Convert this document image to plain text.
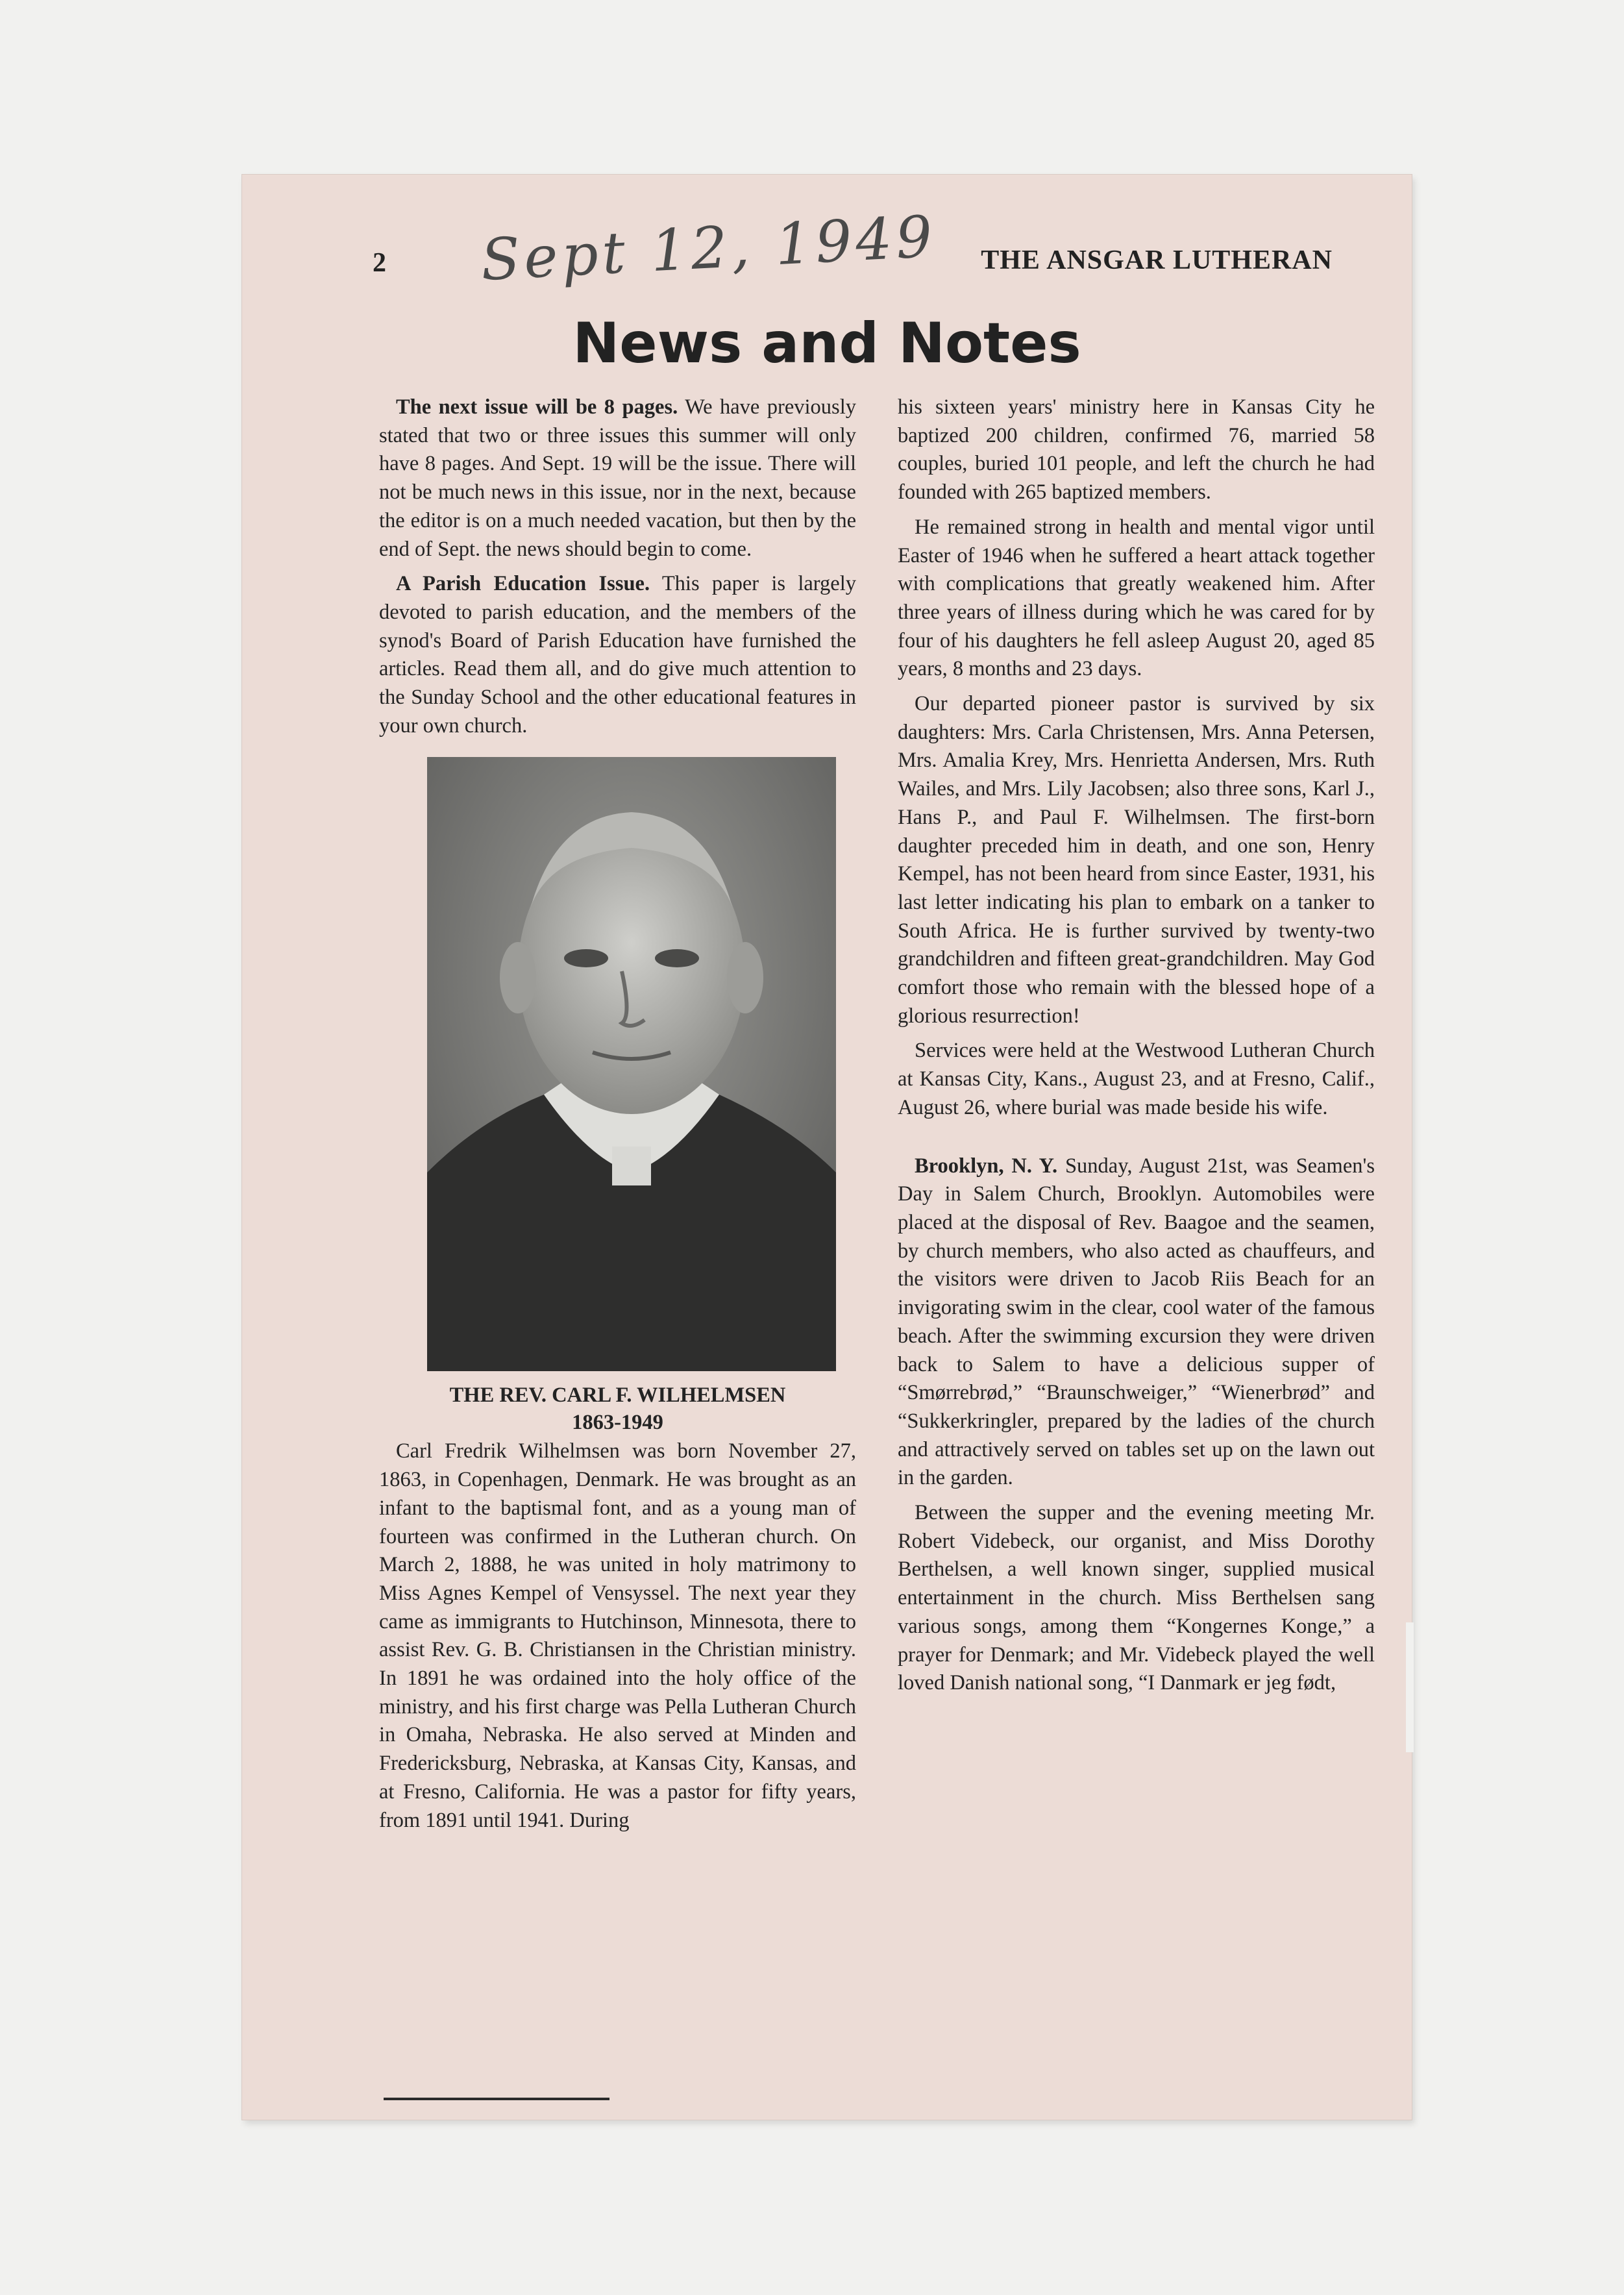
2 Sept 12, 1949 THE ANSGAR LUTHERAN
News and Notes

The next issue will be 8 pages. We have previously stated that two or three issues this summer will only have 8 pages. And Sept. 19 will be the issue. There will not be much news in this issue, nor in the next, because the editor is on a much needed vacation, but then by the end of Sept. the news should begin to come.

A Parish Education Issue. This paper is largely devoted to parish education, and the members of the synod's Board of Parish Education have furnished the articles. Read them all, and do give much attention to the Sunday School and the other educational features in your own church.

THE REV. CARL F. WILHELMSEN
1863-1949

Carl Fredrik Wilhelmsen was born November 27, 1863, in Copenhagen, Denmark. He was brought as an infant to the baptismal font, and as a young man of fourteen was confirmed in the Lutheran church. On March 2, 1888, he was united in holy matrimony to Miss Agnes Kempel of Vensyssel. The next year they came as immigrants to Hutchinson, Minnesota, there to assist Rev. G. B. Christiansen in the Christian ministry. In 1891 he was ordained into the holy office of the ministry, and his first charge was Pella Lutheran Church in Omaha, Nebraska. He also served at Minden and Fredericksburg, Nebraska, at Kansas City, Kansas, and at Fresno, California. He was a pastor for fifty years, from 1891 until 1941. During

his sixteen years' ministry here in Kansas City he baptized 200 children, confirmed 76, married 58 couples, buried 101 people, and left the church he had founded with 265 baptized members.

He remained strong in health and mental vigor until Easter of 1946 when he suffered a heart attack together with complications that greatly weakened him. After three years of illness during which he was cared for by four of his daughters he fell asleep August 20, aged 85 years, 8 months and 23 days.

Our departed pioneer pastor is survived by six daughters: Mrs. Carla Christensen, Mrs. Anna Petersen, Mrs. Amalia Krey, Mrs. Henrietta Andersen, Mrs. Ruth Wailes, and Mrs. Lily Jacobsen; also three sons, Karl J., Hans P., and Paul F. Wilhelmsen. The first-born daughter preceded him in death, and one son, Henry Kempel, has not been heard from since Easter, 1931, his last letter indicating his plan to embark on a tanker to South Africa. He is further survived by twenty-two grandchildren and fifteen great-grandchildren. May God comfort those who remain with the blessed hope of a glorious resurrection!

Services were held at the Westwood Lutheran Church at Kansas City, Kans., August 23, and at Fresno, Calif., August 26, where burial was made beside his wife.

Brooklyn, N. Y. Sunday, August 21st, was Seamen's Day in Salem Church, Brooklyn. Automobiles were placed at the disposal of Rev. Baagoe and the seamen, by church members, who also acted as chauffeurs, and the visitors were driven to Jacob Riis Beach for an invigorating swim in the clear, cool water of the famous beach. After the swimming excursion they were driven back to Salem to have a delicious supper of “Smørrebrød,” “Braunschweiger,” “Wienerbrød” and “Sukkerkringler, prepared by the ladies of the church and attractively served on tables set up on the lawn out in the garden.

Between the supper and the evening meeting Mr. Robert Videbeck, our organist, and Miss Dorothy Berthelsen, a well known singer, supplied musical entertainment in the church. Miss Berthelsen sang various songs, among them “Kongernes Konge,” a prayer for Denmark; and Mr. Videbeck played the well loved Danish national song, “I Danmark er jeg født,
